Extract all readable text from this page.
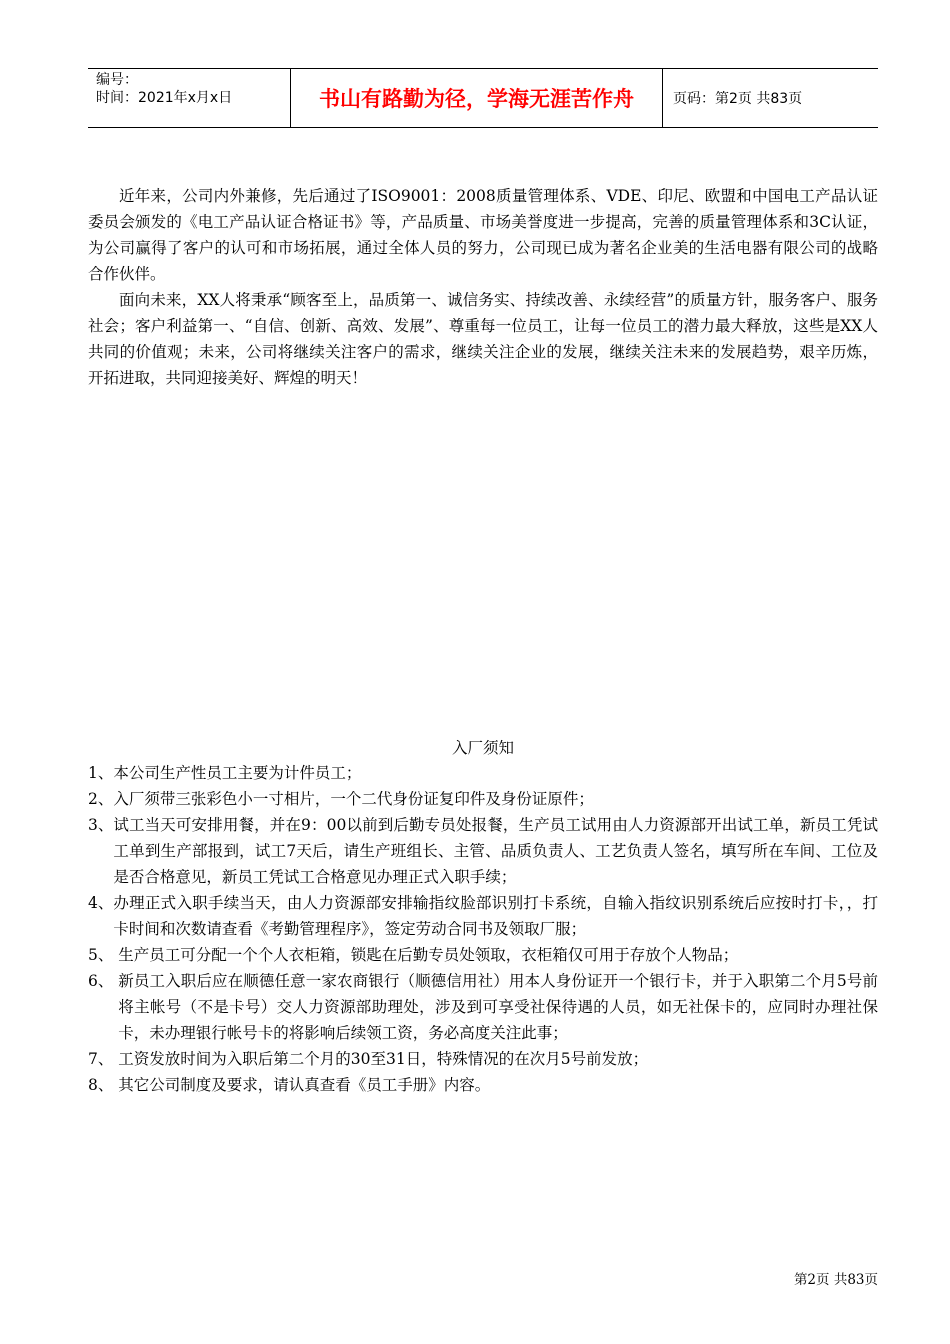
编号：
时间：2021年x月x日	书山有路勤为径，学海无涯苦作舟	页码：第2页 共83页

近年来，公司内外兼修，先后通过了ISO9001：2008质量管理体系、VDE、印尼、欧盟和中国电工产品认证委员会颁发的《电工产品认证合格证书》等，产品质量、市场美誉度进一步提高，完善的质量管理体系和3C认证，为公司赢得了客户的认可和市场拓展，通过全体人员的努力，公司现已成为著名企业美的生活电器有限公司的战略合作伙伴。

面向未来，XX人将秉承“顾客至上，品质第一、诚信务实、持续改善、永续经营”的质量方针，服务客户、服务社会；客户利益第一、“自信、创新、高效、发展”、尊重每一位员工，让每一位员工的潜力最大释放，这些是XX人共同的价值观；未来，公司将继续关注客户的需求，继续关注企业的发展，继续关注未来的发展趋势，艰辛历炼，开拓进取，共同迎接美好、辉煌的明天！

入厂须知
1、 本公司生产性员工主要为计件员工；
2、 入厂须带三张彩色小一寸相片，一个二代身份证复印件及身份证原件；
3、 试工当天可安排用餐，并在9：00以前到后勤专员处报餐，生产员工试用由人力资源部开出试工单，新员工凭试工单到生产部报到，试工7天后，请生产班组长、主管、品质负责人、工艺负责人签名，填写所在车间、工位及是否合格意见，新员工凭试工合格意见办理正式入职手续；
4、 办理正式入职手续当天，由人力资源部安排输指纹脸部识别打卡系统，自输入指纹识别系统后应按时打卡，，打卡时间和次数请查看《考勤管理程序》，签定劳动合同书及领取厂服；
5、 生产员工可分配一个个人衣柜箱，锁匙在后勤专员处领取，衣柜箱仅可用于存放个人物品；
6、 新员工入职后应在顺德任意一家农商银行（顺德信用社）用本人身份证开一个银行卡，并于入职第二个月5号前将主帐号（不是卡号）交人力资源部助理处，涉及到可享受社保待遇的人员，如无社保卡的，应同时办理社保卡，未办理银行帐号卡的将影响后续领工资，务必高度关注此事；
7、 工资发放时间为入职后第二个月的30至31日，特殊情况的在次月5号前发放；
8、 其它公司制度及要求，请认真查看《员工手册》内容。
第2页 共83页
